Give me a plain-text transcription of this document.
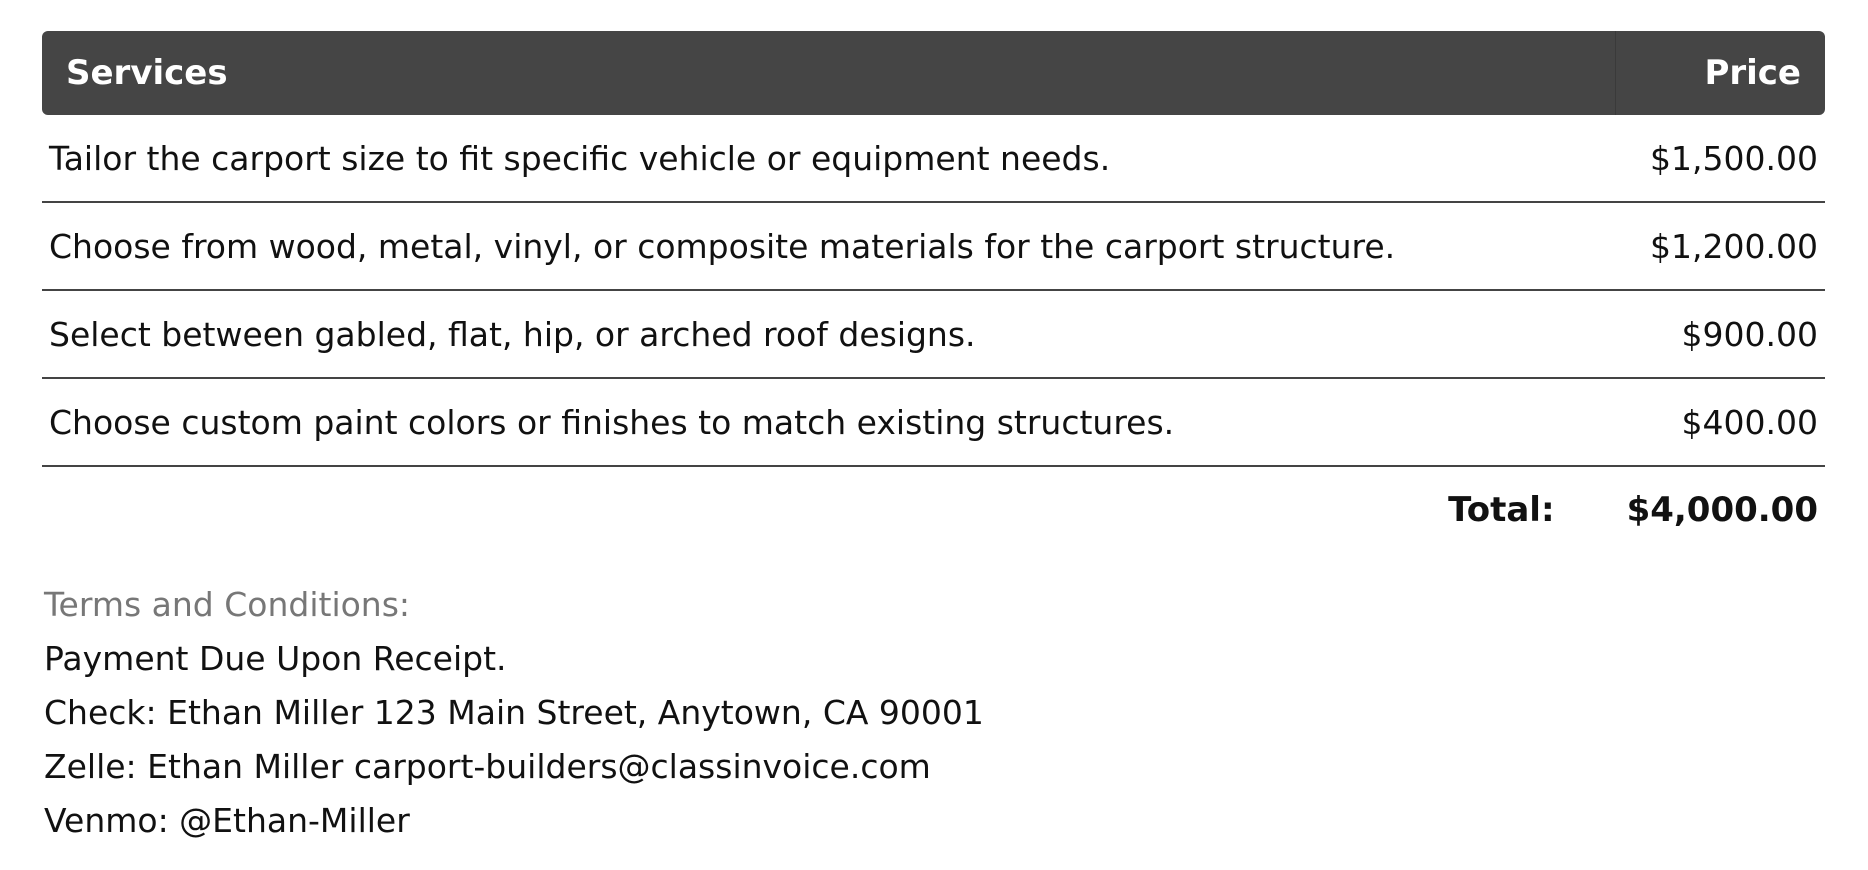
Services	Price
Tailor the carport size to fit specific vehicle or equipment needs.	$1,500.00
Choose from wood, metal, vinyl, or composite materials for the carport structure.	$1,200.00
Select between gabled, flat, hip, or arched roof designs.	$900.00
Choose custom paint colors or finishes to match existing structures.	$400.00
Total:	$4,000.00
Terms and Conditions:
Payment Due Upon Receipt.
Check: Ethan Miller 123 Main Street, Anytown, CA 90001
Zelle: Ethan Miller carport-builders@classinvoice.com
Venmo: @Ethan-Miller
